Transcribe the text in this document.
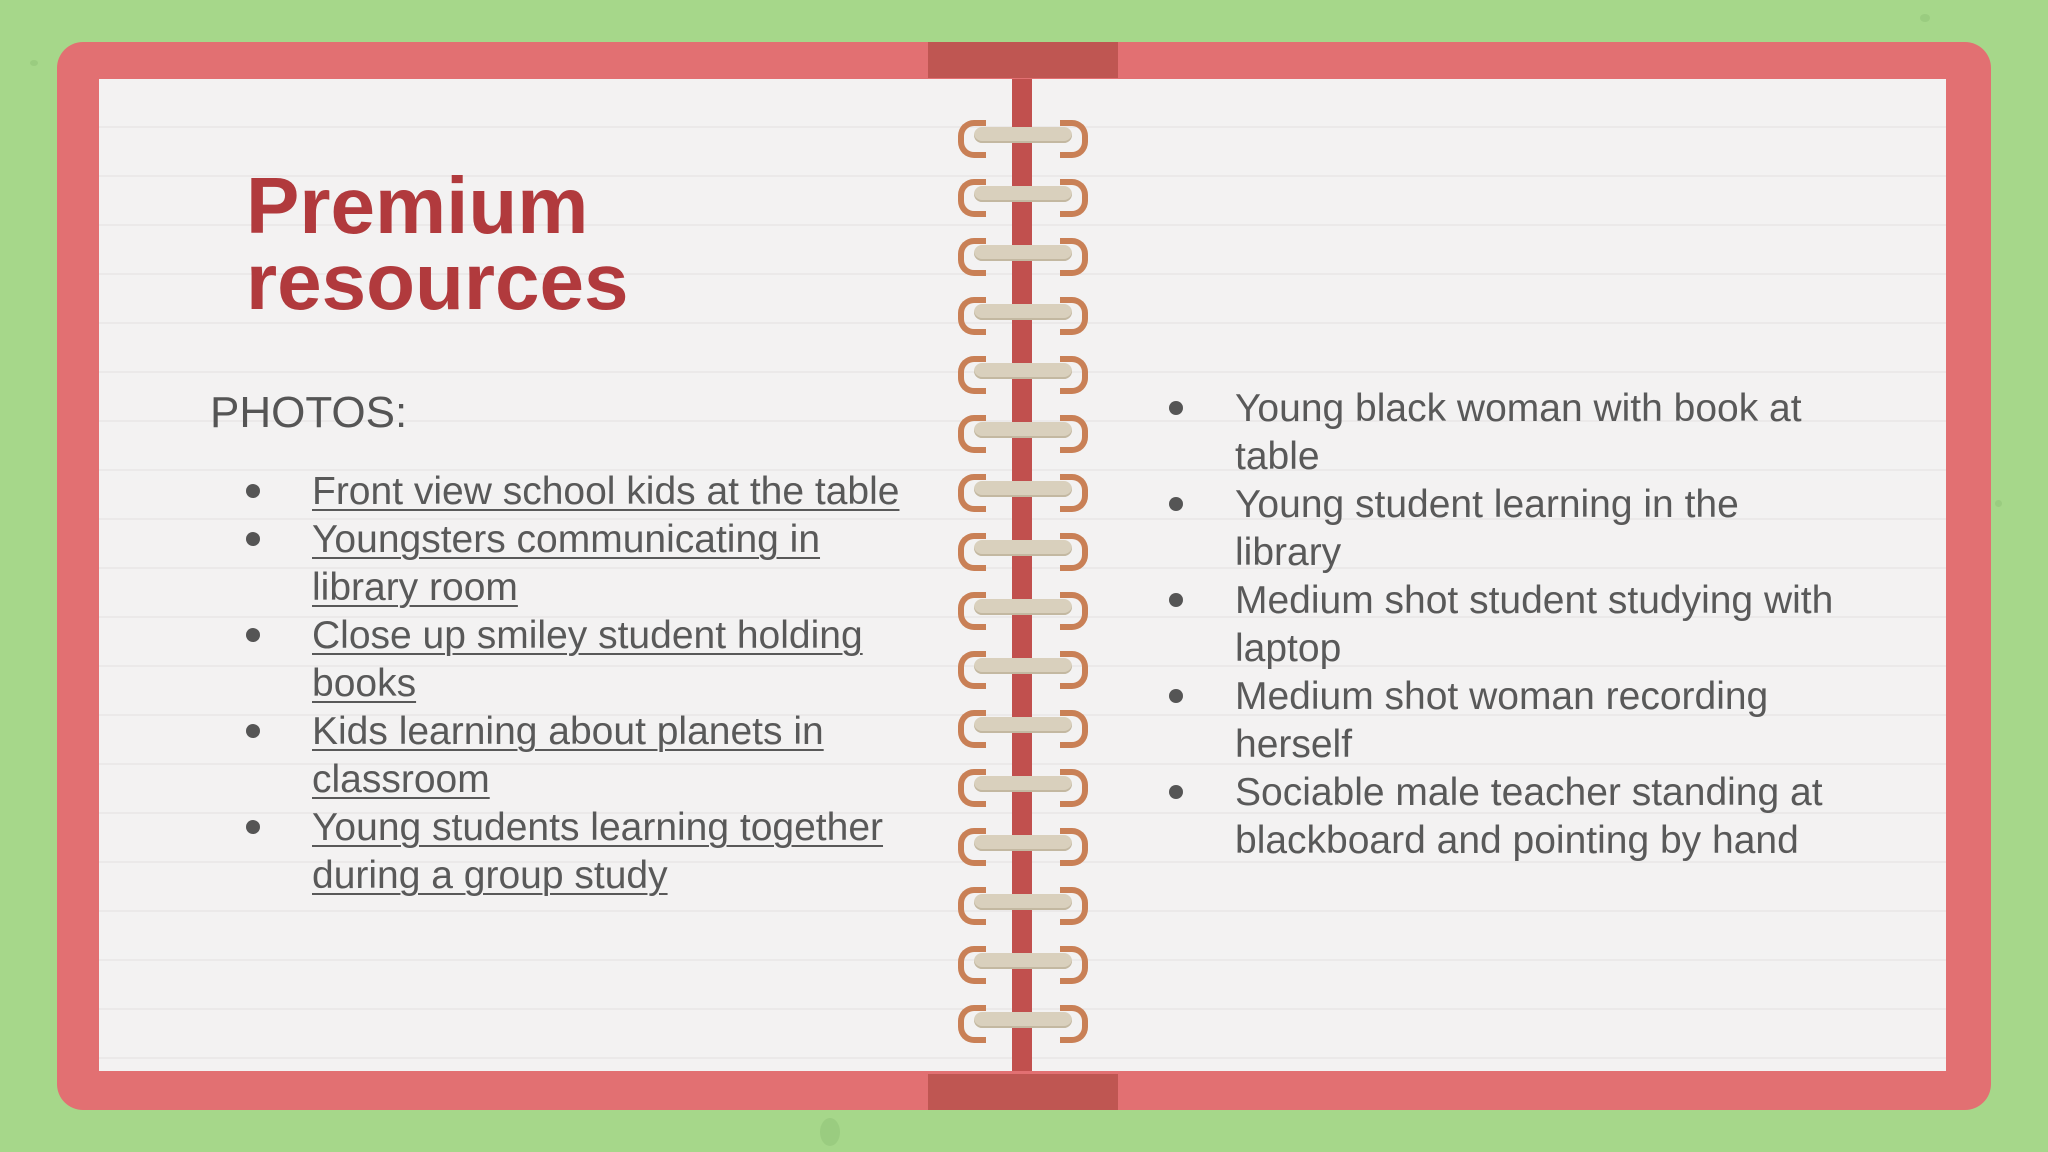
Premium
resources

PHOTOS:

Front view school kids at the table
Youngsters communicating in library room
Close up smiley student holding books
Kids learning about planets in classroom
Young students learning together during a group study
Young black woman with book at table
Young student learning in the library
Medium shot student studying with laptop
Medium shot woman recording herself
Sociable male teacher standing at blackboard and pointing by hand
